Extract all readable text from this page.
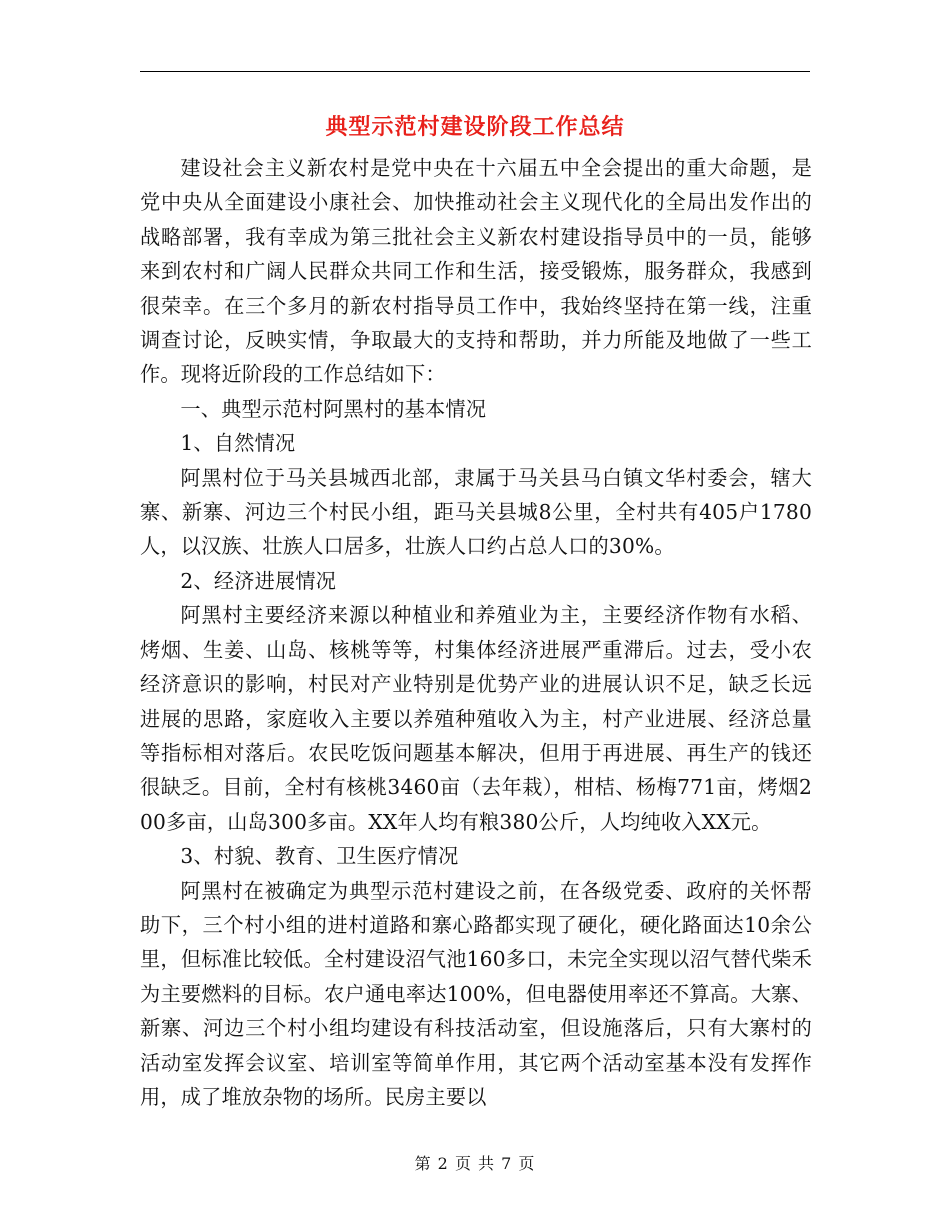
典型示范村建设阶段工作总结

建设社会主义新农村是党中央在十六届五中全会提出的重大命题，是党中央从全面建设小康社会、加快推动社会主义现代化的全局出发作出的战略部署，我有幸成为第三批社会主义新农村建设指导员中的一员，能够来到农村和广阔人民群众共同工作和生活，接受锻炼，服务群众，我感到很荣幸。在三个多月的新农村指导员工作中，我始终坚持在第一线，注重调查讨论，反映实情，争取最大的支持和帮助，并力所能及地做了一些工作。现将近阶段的工作总结如下：

一、典型示范村阿黑村的基本情况

1、自然情况

阿黑村位于马关县城西北部，隶属于马关县马白镇文华村委会，辖大寨、新寨、河边三个村民小组，距马关县城8公里，全村共有405户1780人，以汉族、壮族人口居多，壮族人口约占总人口的30%。

2、经济进展情况

阿黑村主要经济来源以种植业和养殖业为主，主要经济作物有水稻、烤烟、生姜、山岛、核桃等等，村集体经济进展严重滞后。过去，受小农经济意识的影响，村民对产业特别是优势产业的进展认识不足，缺乏长远进展的思路，家庭收入主要以养殖种殖收入为主，村产业进展、经济总量等指标相对落后。农民吃饭问题基本解决，但用于再进展、再生产的钱还很缺乏。目前，全村有核桃3460亩（去年栽），柑桔、杨梅771亩，烤烟200多亩，山岛300多亩。XX年人均有粮380公斤，人均纯收入XX元。

3、村貌、教育、卫生医疗情况

阿黑村在被确定为典型示范村建设之前，在各级党委、政府的关怀帮助下，三个村小组的进村道路和寨心路都实现了硬化，硬化路面达10余公里，但标准比较低。全村建设沼气池160多口，未完全实现以沼气替代柴禾为主要燃料的目标。农户通电率达100%，但电器使用率还不算高。大寨、新寨、河边三个村小组均建设有科技活动室，但设施落后，只有大寨村的活动室发挥会议室、培训室等简单作用，其它两个活动室基本没有发挥作用，成了堆放杂物的场所。民房主要以

第 2 页 共 7 页
